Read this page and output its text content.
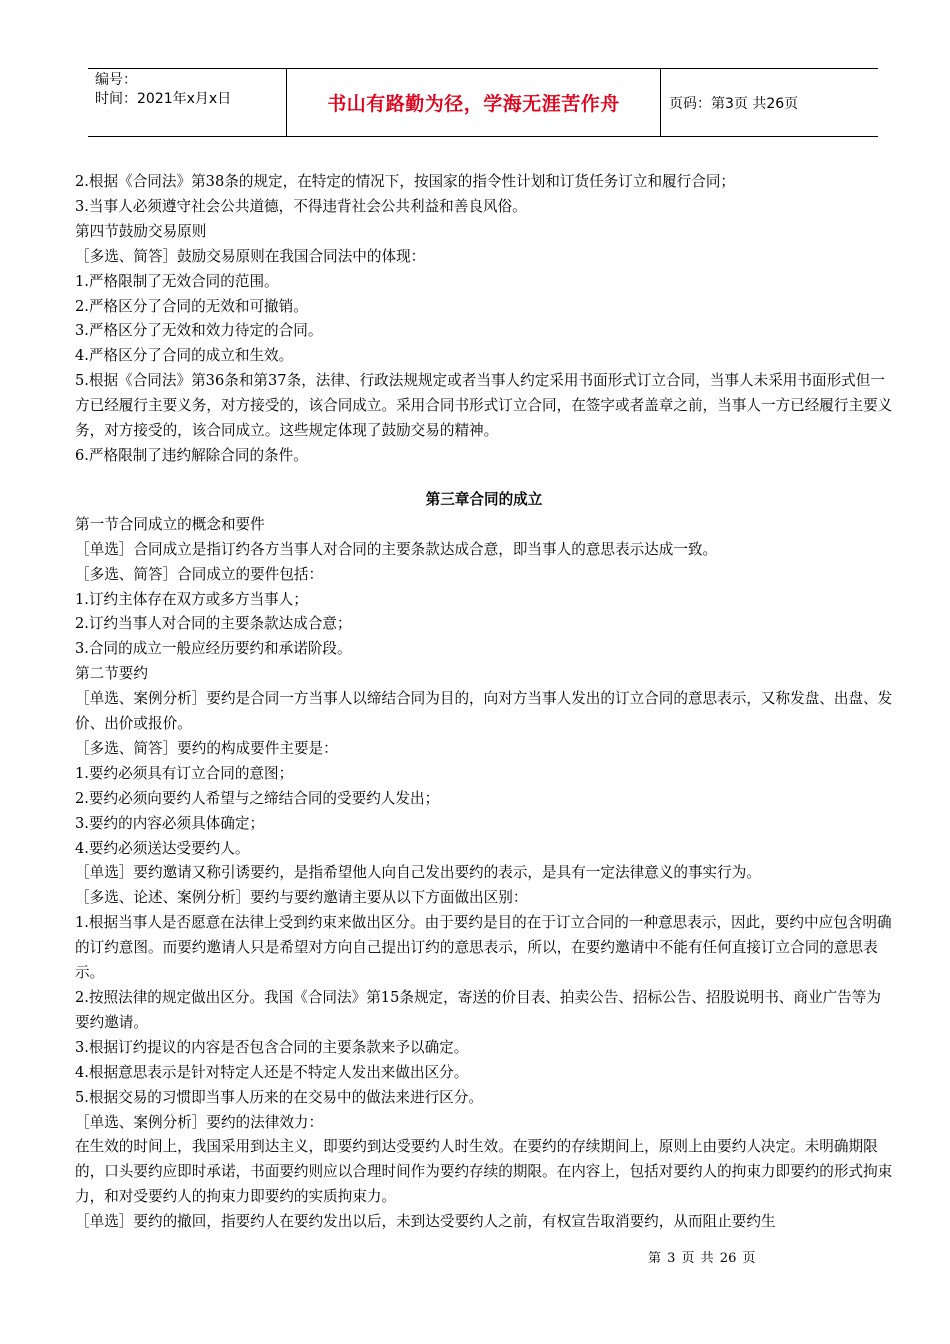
编号：
时间：2021年x月x日	书山有路勤为径，学海无涯苦作舟	页码：第3页 共26页

2.根据《合同法》第38条的规定，在特定的情况下，按国家的指令性计划和订货任务订立和履行合同；

3.当事人必须遵守社会公共道德，不得违背社会公共利益和善良风俗。

第四节鼓励交易原则

［多选、简答］鼓励交易原则在我国合同法中的体现：

1.严格限制了无效合同的范围。

2.严格区分了合同的无效和可撤销。

3.严格区分了无效和效力待定的合同。

4.严格区分了合同的成立和生效。

5.根据《合同法》第36条和第37条，法律、行政法规规定或者当事人约定采用书面形式订立合同，当事人未采用书面形式但一方已经履行主要义务，对方接受的，该合同成立。采用合同书形式订立合同，在签字或者盖章之前，当事人一方已经履行主要义务，对方接受的，该合同成立。这些规定体现了鼓励交易的精神。

6.严格限制了违约解除合同的条件。

第三章合同的成立

第一节合同成立的概念和要件

［单选］合同成立是指订约各方当事人对合同的主要条款达成合意，即当事人的意思表示达成一致。

［多选、简答］合同成立的要件包括：

1.订约主体存在双方或多方当事人；

2.订约当事人对合同的主要条款达成合意；

3.合同的成立一般应经历要约和承诺阶段。

第二节要约

［单选、案例分析］要约是合同一方当事人以缔结合同为目的，向对方当事人发出的订立合同的意思表示，又称发盘、出盘、发价、出价或报价。

［多选、简答］要约的构成要件主要是：

1.要约必须具有订立合同的意图；

2.要约必须向要约人希望与之缔结合同的受要约人发出；

3.要约的内容必须具体确定；

4.要约必须送达受要约人。

［单选］要约邀请又称引诱要约，是指希望他人向自己发出要约的表示，是具有一定法律意义的事实行为。

［多选、论述、案例分析］要约与要约邀请主要从以下方面做出区别：

1.根据当事人是否愿意在法律上受到约束来做出区分。由于要约是目的在于订立合同的一种意思表示，因此，要约中应包含明确的订约意图。而要约邀请人只是希望对方向自己提出订约的意思表示，所以，在要约邀请中不能有任何直接订立合同的意思表示。

2.按照法律的规定做出区分。我国《合同法》第15条规定，寄送的价目表、拍卖公告、招标公告、招股说明书、商业广告等为要约邀请。

3.根据订约提议的内容是否包含合同的主要条款来予以确定。

4.根据意思表示是针对特定人还是不特定人发出来做出区分。

5.根据交易的习惯即当事人历来的在交易中的做法来进行区分。

［单选、案例分析］要约的法律效力：

在生效的时间上，我国采用到达主义，即要约到达受要约人时生效。在要约的存续期间上，原则上由要约人决定。未明确期限的，口头要约应即时承诺，书面要约则应以合理时间作为要约存续的期限。在内容上，包括对要约人的拘束力即要约的形式拘束力，和对受要约人的拘束力即要约的实质拘束力。

［单选］要约的撤回，指要约人在要约发出以后，未到达受要约人之前，有权宣告取消要约，从而阻止要约生

第 3 页 共 26 页
